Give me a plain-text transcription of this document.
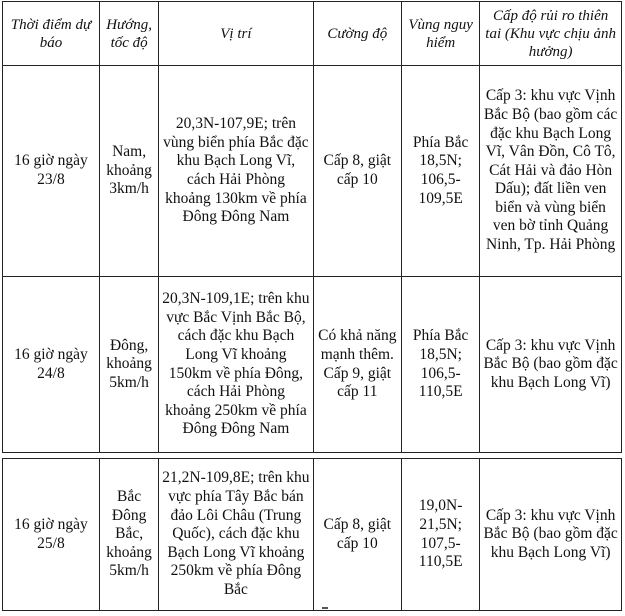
Thời điểm dự báo	Hướng, tốc độ	Vị trí	Cường độ	Vùng nguy hiểm	Cấp độ rủi ro thiên tai (Khu vực chịu ảnh hưởng)
16 giờ ngày 23/8	Nam, khoảng 3km/h	20,3N-107,9E; trên vùng biển phía Bắc đặc khu Bạch Long Vĩ, cách Hải Phòng khoảng 130km về phía Đông Đông Nam	Cấp 8, giật cấp 10	Phía Bắc 18,5N; 106,5-109,5E	Cấp 3: khu vực Vịnh Bắc Bộ (bao gồm các đặc khu Bạch Long Vĩ, Vân Đồn, Cô Tô, Cát Hải và đảo Hòn Dấu); đất liền ven biển và vùng biển ven bờ tỉnh Quảng Ninh, Tp. Hải Phòng
16 giờ ngày 24/8	Đông, khoảng 5km/h	20,3N-109,1E; trên khu vực Bắc Vịnh Bắc Bộ, cách đặc khu Bạch Long Vĩ khoảng 150km về phía Đông, cách Hải Phòng khoảng 250km về phía Đông Đông Nam	Có khả năng mạnh thêm. Cấp 9, giật cấp 11	Phía Bắc 18,5N; 106,5-110,5E	Cấp 3: khu vực Vịnh Bắc Bộ (bao gồm đặc khu Bạch Long Vĩ)
16 giờ ngày 25/8	Bắc Đông Bắc, khoảng 5km/h	21,2N-109,8E; trên khu vực phía Tây Bắc bán đảo Lôi Châu (Trung Quốc), cách đặc khu Bạch Long Vĩ khoảng 250km về phía Đông Bắc	Cấp 8, giật cấp 10	19,0N-21,5N; 107,5-110,5E	Cấp 3: khu vực Vịnh Bắc Bộ (bao gồm đặc khu Bạch Long Vĩ)
